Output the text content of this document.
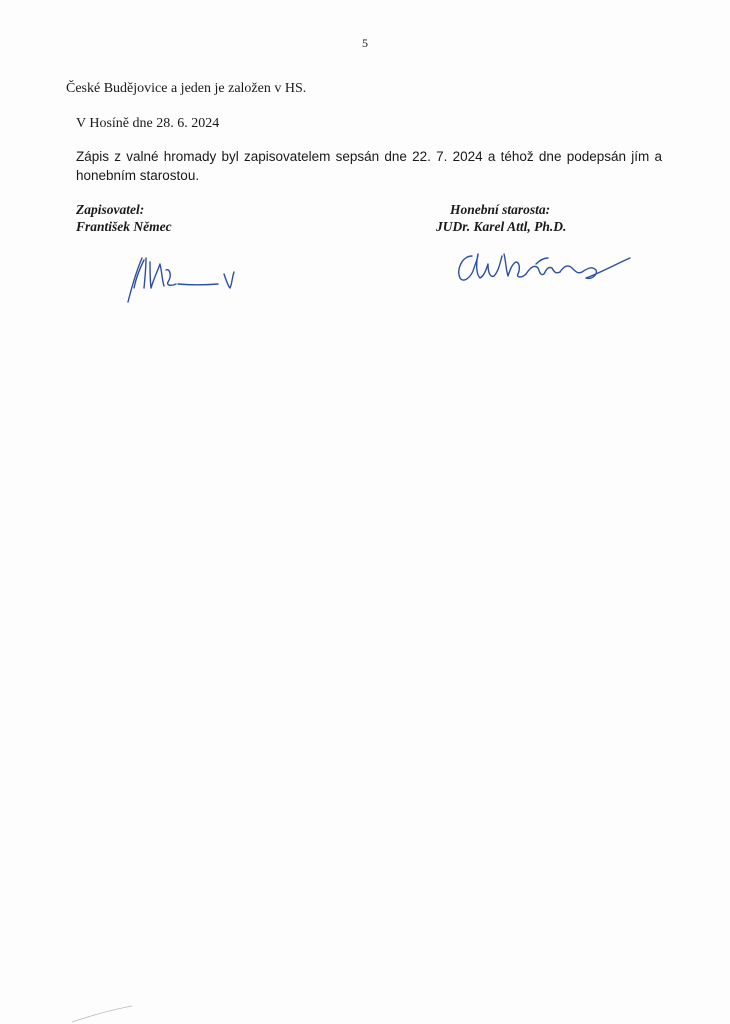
5
České Budějovice a jeden je založen v HS.
V Hosíně dne 28. 6. 2024
Zápis z valné hromady byl zapisovatelem sepsán dne 22. 7. 2024 a téhož dne podepsán jím a honebním starostou.
Zapisovatel:
František Němec
Honební starosta:
JUDr. Karel Attl, Ph.D.
